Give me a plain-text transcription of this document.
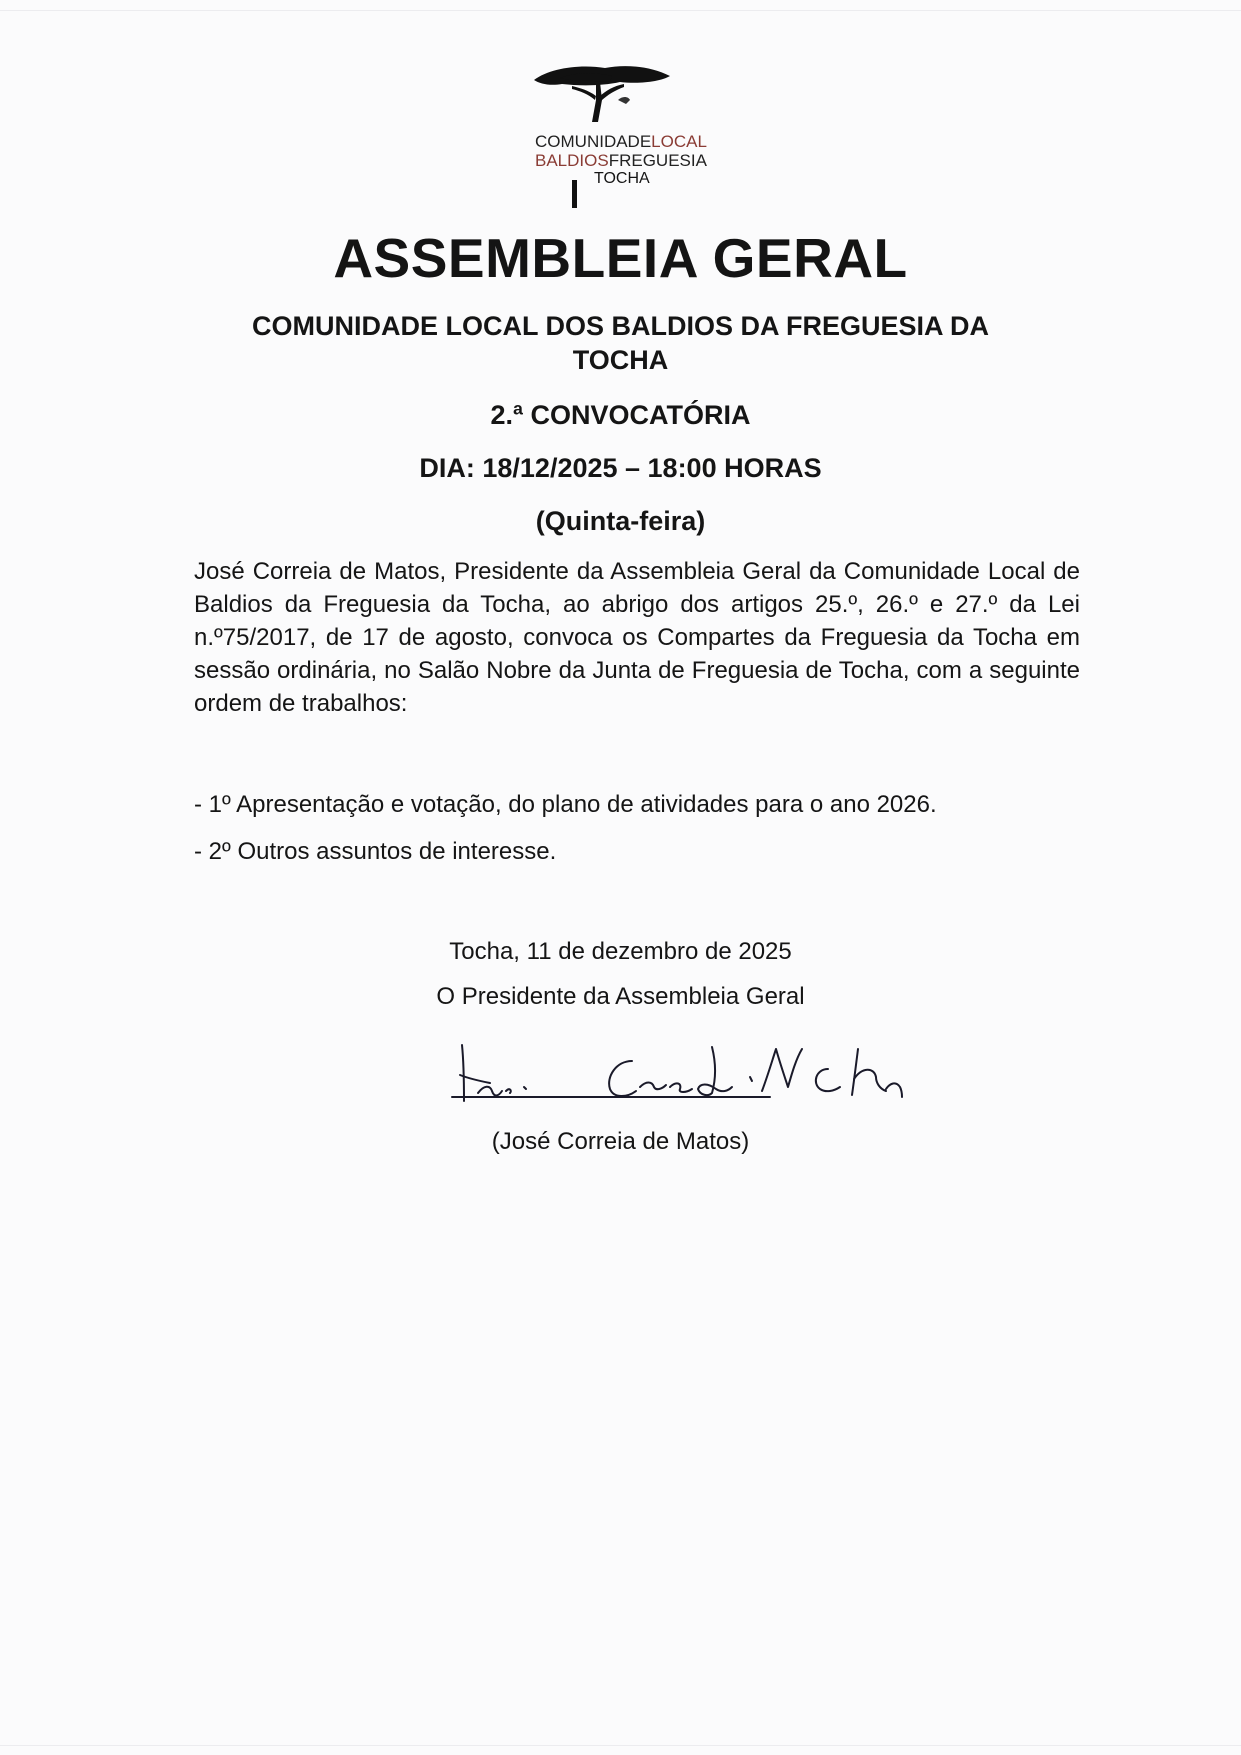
COMUNIDADELOCAL
BALDIOSFREGUESIA
TOCHA
ASSEMBLEIA GERAL
COMUNIDADE LOCAL DOS BALDIOS DA FREGUESIA DA
TOCHA
2.ª CONVOCATÓRIA
DIA: 18/12/2025 – 18:00 HORAS
(Quinta-feira)
José Correia de Matos, Presidente da Assembleia Geral da Comunidade Local de Baldios da Freguesia da Tocha, ao abrigo dos artigos 25.º, 26.º e 27.º da Lei n.º75/2017, de 17 de agosto, convoca os Compartes da Freguesia da Tocha em sessão ordinária, no Salão Nobre da Junta de Freguesia de Tocha, com a seguinte ordem de trabalhos:
- 1º Apresentação e votação, do plano de atividades para o ano 2026.
- 2º Outros assuntos de interesse.
Tocha, 11 de dezembro de 2025
O Presidente da Assembleia Geral
(José Correia de Matos)
